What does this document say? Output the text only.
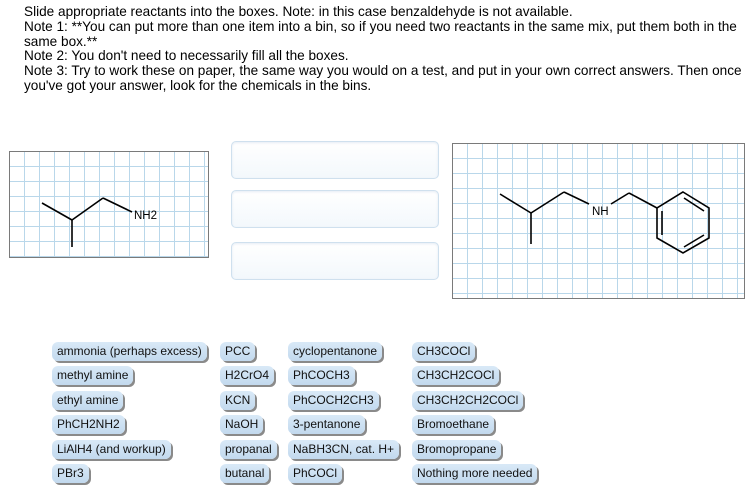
Slide appropriate reactants into the boxes. Note: in this case benzaldehyde is not available.
Note 1: **You can put more than one item into a bin, so if you need two reactants in the same mix, put them both in the same box.**
Note 2: You don't need to necessarily fill all the boxes.
Note 3: Try to work these on paper, the same way you would on a test, and put in your own correct answers. Then once you've got your answer, look for the chemicals in the bins.
NH2	NH
ammonia (perhaps excess)
methyl amine
ethyl amine
PhCH2NH2
LiAlH4 (and workup)
PBr3
PCC
H2CrO4
KCN
NaOH
propanal
butanal
cyclopentanone
PhCOCH3
PhCOCH2CH3
3-pentanone
NaBH3CN, cat. H+
PhCOCl
CH3COCl
CH3CH2COCl
CH3CH2CH2COCl
Bromoethane
Bromopropane
Nothing more needed
